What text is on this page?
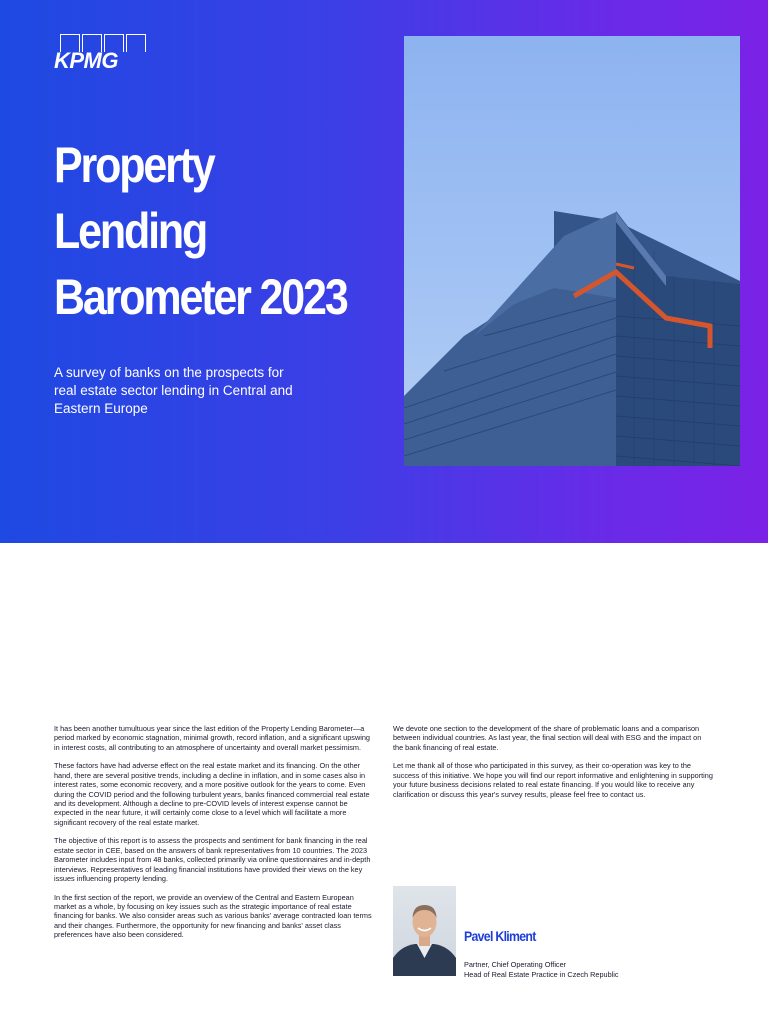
KPMG
Property Lending
Barometer 2023
A survey of banks on the prospects for real estate sector lending in Central and Eastern Europe

It has been another tumultuous year since the last edition of the Property Lending Barometer—a period marked by economic stagnation, minimal growth, record inflation, and a significant upswing in interest costs, all contributing to an atmosphere of uncertainty and overall market pessimism.

These factors have had adverse effect on the real estate market and its financing. On the other hand, there are several positive trends, including a decline in inflation, and in some cases also in interest rates, some economic recovery, and a more positive outlook for the years to come. Even during the COVID period and the following turbulent years, banks financed commercial real estate and its development. Although a decline to pre-COVID levels of interest expense cannot be expected in the near future, it will certainly come close to a level which will facilitate a more significant recovery of the real estate market.

The objective of this report is to assess the prospects and sentiment for bank financing in the real estate sector in CEE, based on the answers of bank representatives from 10 countries. The 2023 Barometer includes input from 48 banks, collected primarily via online questionnaires and in-depth interviews. Representatives of leading financial institutions have provided their views on the key issues influencing property lending.

In the first section of the report, we provide an overview of the Central and Eastern European market as a whole, by focusing on key issues such as the strategic importance of real estate financing for banks. We also consider areas such as various banks' average contracted loan terms and their changes. Furthermore, the opportunity for new financing and banks' asset class preferences have also been considered.

We devote one section to the development of the share of problematic loans and a comparison between individual countries. As last year, the final section will deal with ESG and the impact on the bank financing of real estate.

Let me thank all of those who participated in this survey, as their co-operation was key to the success of this initiative. We hope you will find our report informative and enlightening in supporting your future business decisions related to real estate financing. If you would like to receive any clarification or discuss this year's survey results, please feel free to contact us.

Pavel Kliment
Partner, Chief Operating Officer
Head of Real Estate Practice in Czech Republic
